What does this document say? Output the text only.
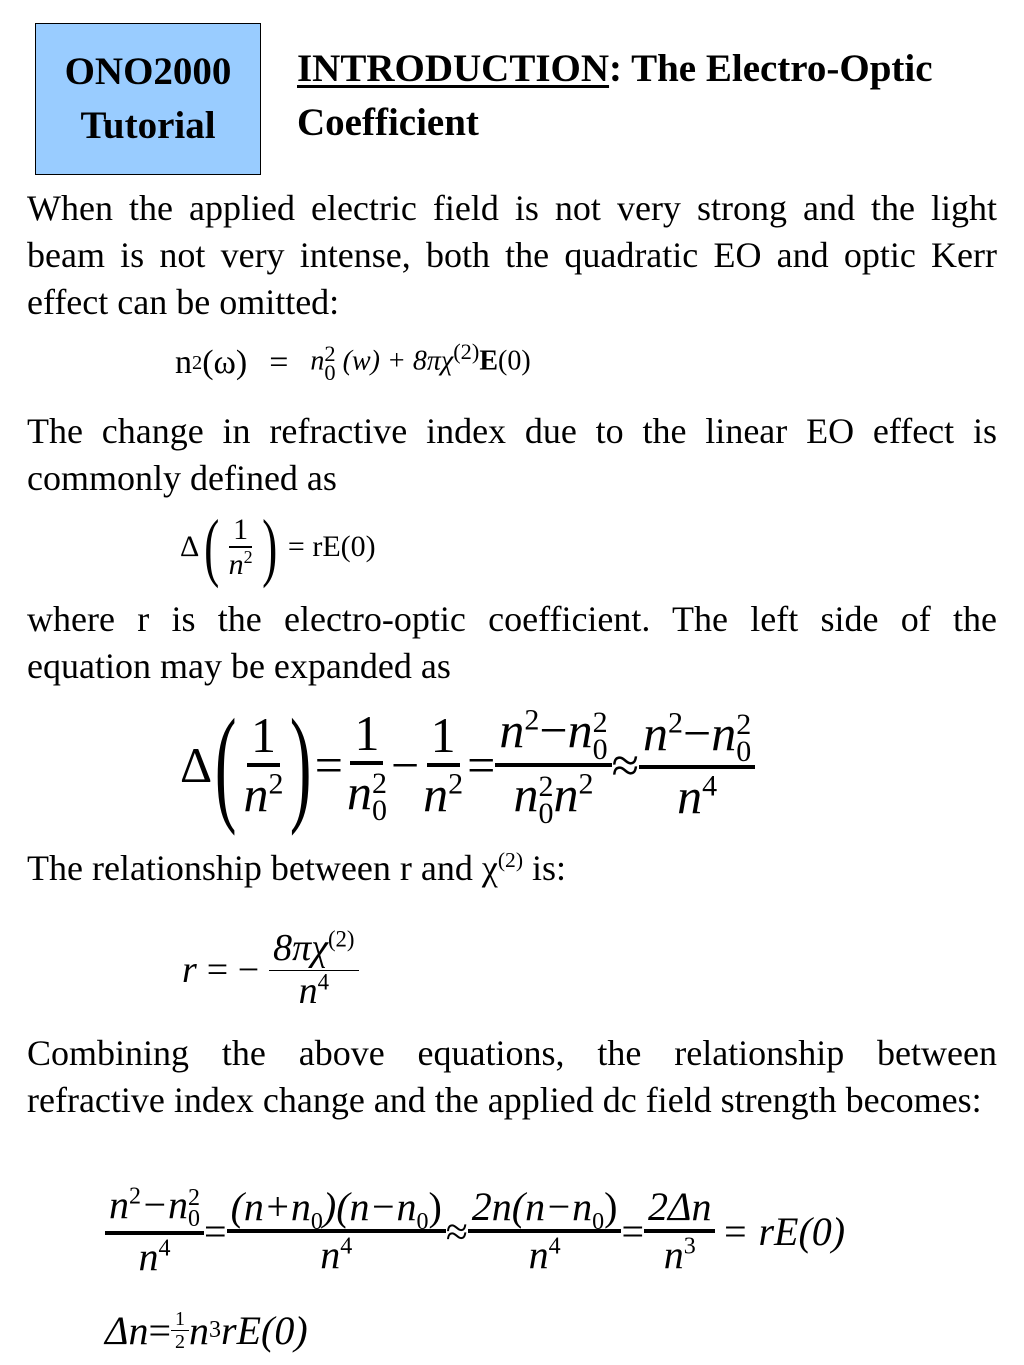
ONO2000
Tutorial
INTRODUCTION: The Electro-Optic Coefficient
When the applied electric field is not very strong and the light beam is not very intense, both the quadratic EO and optic Kerr effect can be omitted:
n 2 (ω) = n 2
0 $(w) + 8\pi\chi^{(2)}E(0)$
The change in refractive index due to the linear EO effect is commonly defined as
Δ ( $\frac{1}{n^2}$ ) = rE(0)
where r is the electro-optic coefficient. The left side of the equation may be expanded as
Δ ( $\frac{1}{n^2}$ ) = 1
n 2
$0 - \frac{1}{n^2} = n^2-n$ 2
0
n 2
0 $n^2 \approx n^2-n$ 2
0
$n^4$
The relationship between r and $\chi^{(2)}$ is:
r = − $\frac{8\pi\chi^{(2)}}{n^4}$
Combining the above equations, the relationship between refractive index change and the applied dc field strength becomes:
$n^2-n$ 2
0
$n^4 = \frac{(n+n_0)(n-n_0)}{n^4} \approx \frac{2n(n-n_0)}{n^4} = \frac{2\Delta n}{n^3} = rE(0)$
$\Delta n = \frac{1}{2}$ n 3 rE(0)
